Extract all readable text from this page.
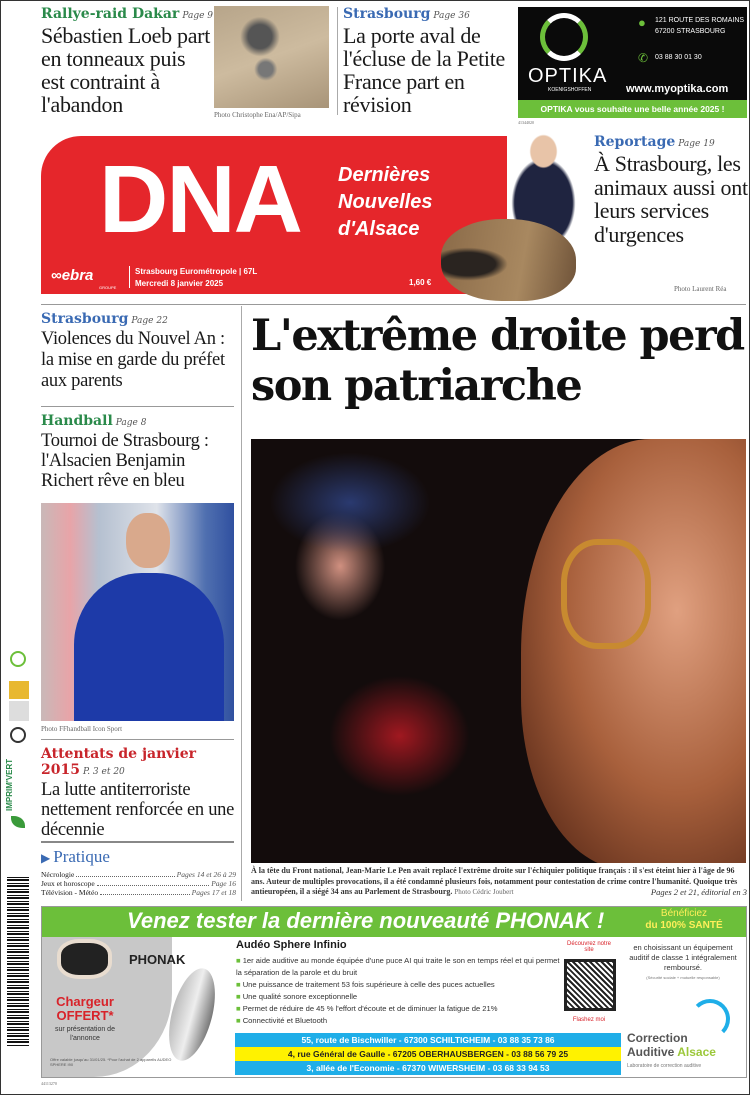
Rallye-raid Dakar Page 9
Sébastien Loeb part en tonneaux puis est contraint à l'abandon	Photo Christophe Ena/AP/Sipa
Strasbourg Page 36
La porte aval de l'écluse de la Petite France part en révision
OPTIKA
KOENIGSHOFFEN
● 121 ROUTE DES ROMAINS
67200 STRASBOURG
✆ 03 88 30 01 30
www.myoptika.com
OPTIKA vous souhaite une belle année 2025 !
41344020
DNA Dernières
Nouvelles
d'Alsace
∞ebra
GROUPE
Strasbourg Eurométropole | 67L
Mercredi 8 janvier 2025	1,60 €
Reportage Page 19
À Strasbourg, les animaux aussi ont leurs services d'urgences
Photo Laurent Réa
Strasbourg Page 22
Violences du Nouvel An : la mise en garde du préfet aux parents
Handball Page 8
Tournoi de Strasbourg : l'Alsacien Benjamin Richert rêve en bleu
Photo FFhandball Icon Sport
Attentats de janvier 2015 P. 3 et 20
La lutte antiterroriste nettement renforcée en une décennie
▶ Pratique
Nécrologie	Pages 14 et 26 à 29
Jeux et horoscope	Page 16
Télévision - Météo	Pages 17 et 18
IMPRIM'VERT
L'extrême droite perd son patriarche
À la tête du Front national, Jean-Marie Le Pen avait replacé l'extrême droite sur l'échiquier politique français : il s'est éteint hier à l'âge de 96 ans. Auteur de multiples provocations, il a été condamné plusieurs fois, notamment pour contestation de crime contre l'humanité. Quoique très antieuropéen, il a siégé 34 ans au Parlement de Strasbourg. Photo Cédric Joubert	Pages 2 et 21, éditorial en 3
Venez tester la dernière nouveauté PHONAK !	Bénéficiez
du 100% SANTÉ
Chargeur
OFFERT*
sur présentation de l'annonce
Offre valable jusqu'au 31/01/25. *Pour l'achat de 2 appareils AUDEO SPHERE I90
PHONAK
Audéo Sphere Infinio
■ 1er aide auditive au monde équipée d'une puce AI qui traite le son en temps réel et qui permet la séparation de la parole et du bruit
■ Une puissance de traitement 53 fois supérieure à celle des puces actuelles
■ Une qualité sonore exceptionnelle
■ Permet de réduire de 45 % l'effort d'écoute et de diminuer la fatigue de 21%
■ Connectivité et Bluetooth
Découvrez notre site
Flashez moi
en choisissant un équipement auditif de classe 1 intégralement remboursé.
(Sécurité sociale + mutuelle responsable)
Correction
Auditive Alsace
Laboratoire de correction auditive
55, route de Bischwiller - 67300 SCHILTIGHEIM - 03 88 35 73 86
4, rue Général de Gaulle - 67205 OBERHAUSBERGEN - 03 88 56 79 25
3, allée de l'Economie - 67370 WIWERSHEIM - 03 68 33 94 53
44113270
